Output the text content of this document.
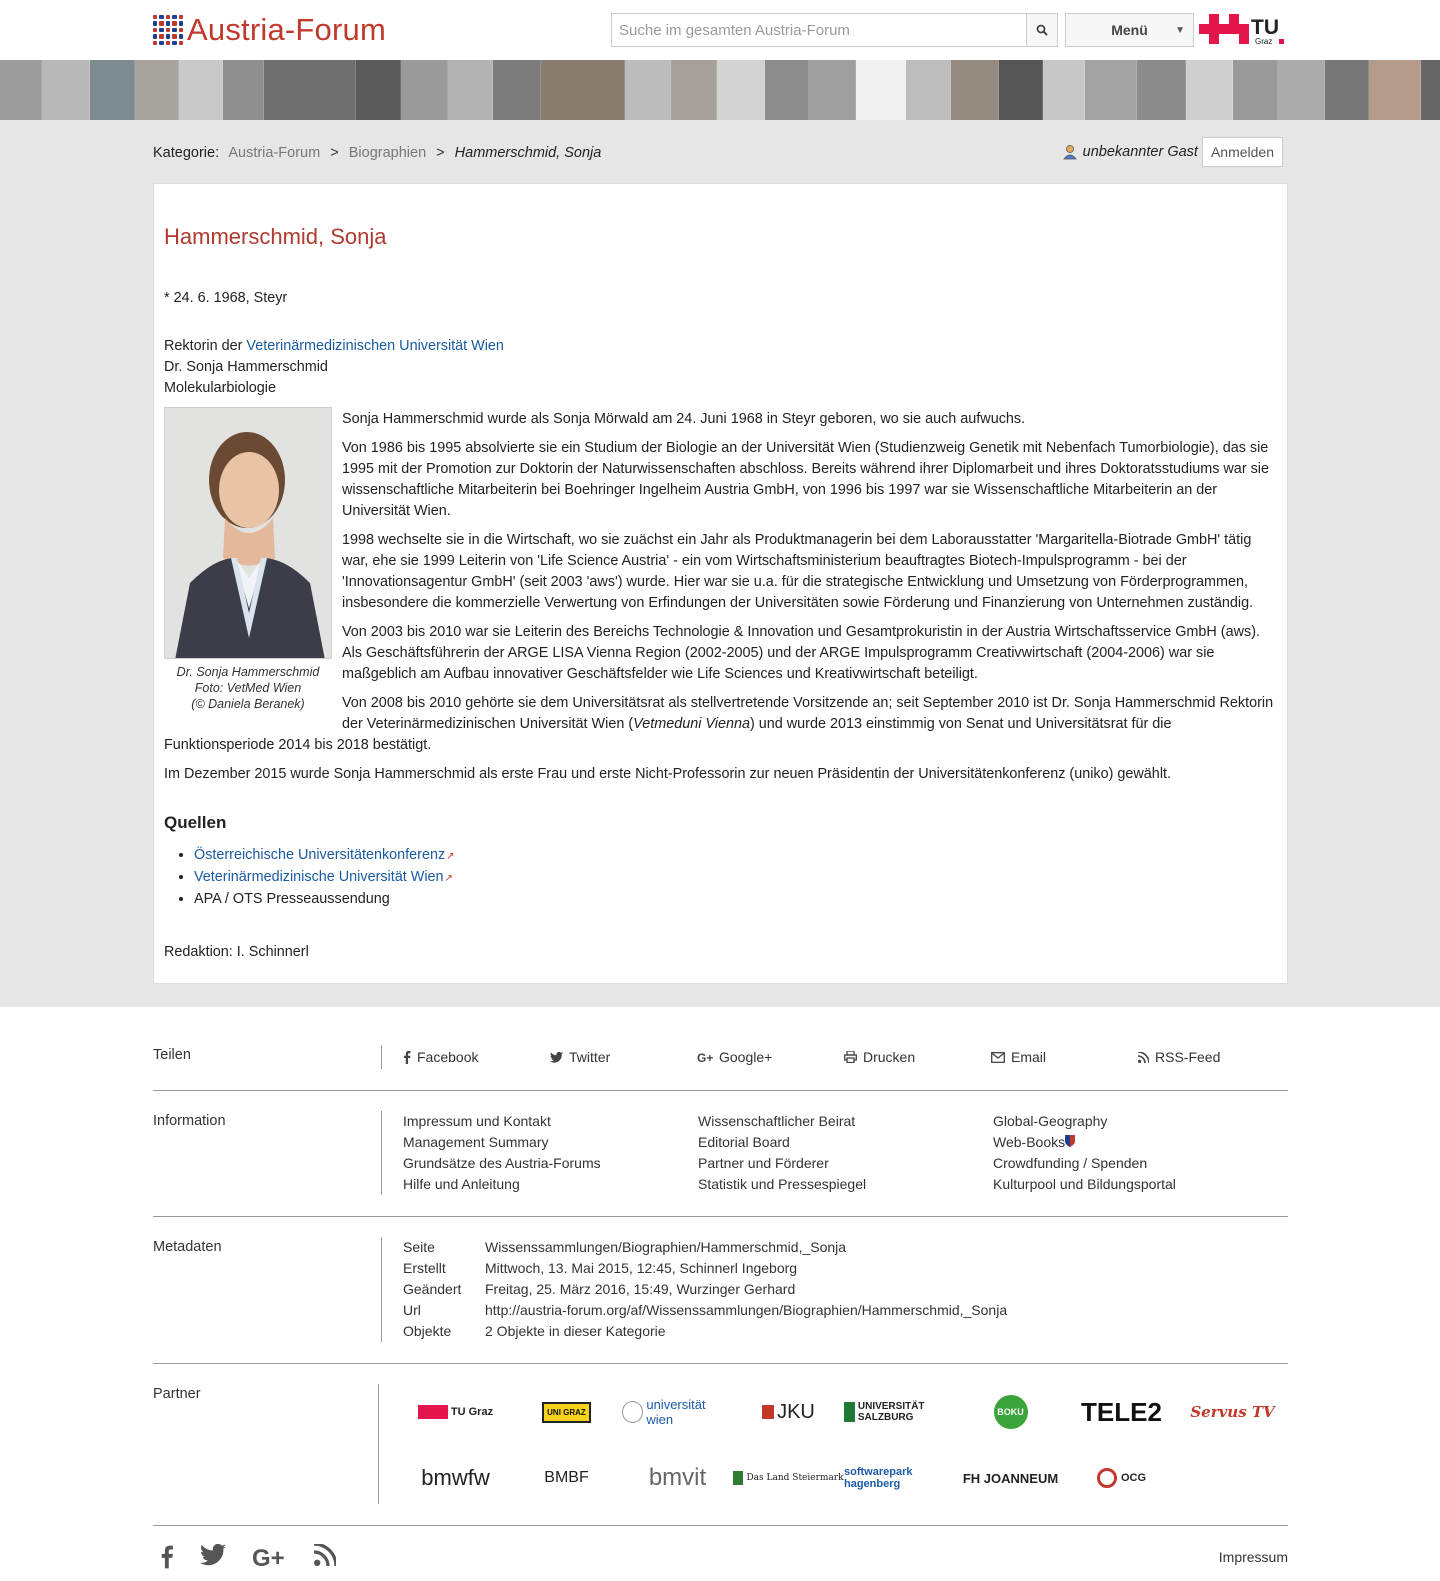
Austria-Forum	Suche im gesamten Austria-Forum	Menü	▼	TU
Graz
Kategorie: Austria-Forum > Biographien > Hammerschmid, Sonja	unbekannter Gast Anmelden
Hammerschmid, Sonja

* 24. 6. 1968, Steyr

Rektorin der Veterinärmedizinischen Universität Wien

Dr. Sonja Hammerschmid

Molekularbiologie

Dr. Sonja Hammerschmid
Foto: VetMed Wien
(© Daniela Beranek)

Sonja Hammerschmid wurde als Sonja Mörwald am 24. Juni 1968 in Steyr geboren, wo sie auch aufwuchs.

Von 1986 bis 1995 absolvierte sie ein Studium der Biologie an der Universität Wien (Studienzweig Genetik mit Nebenfach Tumorbiologie), das sie 1995 mit der Promotion zur Doktorin der Naturwissenschaften abschloss. Bereits während ihrer Diplomarbeit und ihres Doktoratsstudiums war sie wissenschaftliche Mitarbeiterin bei Boehringer Ingelheim Austria GmbH, von 1996 bis 1997 war sie Wissenschaftliche Mitarbeiterin an der Universität Wien.

1998 wechselte sie in die Wirtschaft, wo sie zuächst ein Jahr als Produktmanagerin bei dem Laborausstatter 'Margaritella-Biotrade GmbH' tätig war, ehe sie 1999 Leiterin von 'Life Science Austria' - ein vom Wirtschaftsministerium beauftragtes Biotech-Impulsprogramm - bei der 'Innovationsagentur GmbH' (seit 2003 'aws') wurde. Hier war sie u.a. für die strategische Entwicklung und Umsetzung von Förderprogrammen, insbesondere die kommerzielle Verwertung von Erfindungen der Universitäten sowie Förderung und Finanzierung von Unternehmen zuständig.

Von 2003 bis 2010 war sie Leiterin des Bereichs Technologie & Innovation und Gesamtprokuristin in der Austria Wirtschaftsservice GmbH (aws). Als Geschäftsführerin der ARGE LISA Vienna Region (2002-2005) und der ARGE Impulsprogramm Creativwirtschaft (2004-2006) war sie maßgeblich am Aufbau innovativer Geschäftsfelder wie Life Sciences und Kreativwirtschaft beteiligt.

Von 2008 bis 2010 gehörte sie dem Universitätsrat als stellvertretende Vorsitzende an; seit September 2010 ist Dr. Sonja Hammerschmid Rektorin der Veterinärmedizinischen Universität Wien (Vetmeduni Vienna) und wurde 2013 einstimmig von Senat und Universitätsrat für die Funktionsperiode 2014 bis 2018 bestätigt.

Im Dezember 2015 wurde Sonja Hammerschmid als erste Frau und erste Nicht-Professorin zur neuen Präsidentin der Universitätenkonferenz (uniko) gewählt.

Quellen
• Österreichische Universitätenkonferenz↗
• Veterinärmedizinische Universität Wien↗
• APA / OTS Presseaussendung

Redaktion: I. Schinnerl

Teilen	Facebook	Twitter	G+ Google+	Drucken	Email	RSS-Feed
Information	Impressum und Kontakt	Wissenschaftlicher Beirat	Global-Geography
Management Summary	Editorial Board	Web-Books
Grundsätze des Austria-Forums	Partner und Förderer	Crowdfunding / Spenden
Hilfe und Anleitung	Statistik und Pressespiegel	Kulturpool und Bildungsportal
Metadaten	Seite	Wissenssammlungen/Biographien/Hammerschmid,_Sonja
Erstellt	Mittwoch, 13. Mai 2015, 12:45, Schinnerl Ingeborg
Geändert	Freitag, 25. März 2016, 15:49, Wurzinger Gerhard
Url	http://austria-forum.org/af/Wissenssammlungen/Biographien/Hammerschmid,_Sonja
Objekte	2 Objekte in dieser Kategorie
Partner
TU Graz	UNI GRAZ	universität wien	JKU	UNIVERSITÄT SALZBURG	BOKU TELE2 Servus TV
bmwfw	BMBF	bmvit	Das Land Steiermark softwarepark hagenberg	FH JOANNEUM	OCG
G+	Impressum
